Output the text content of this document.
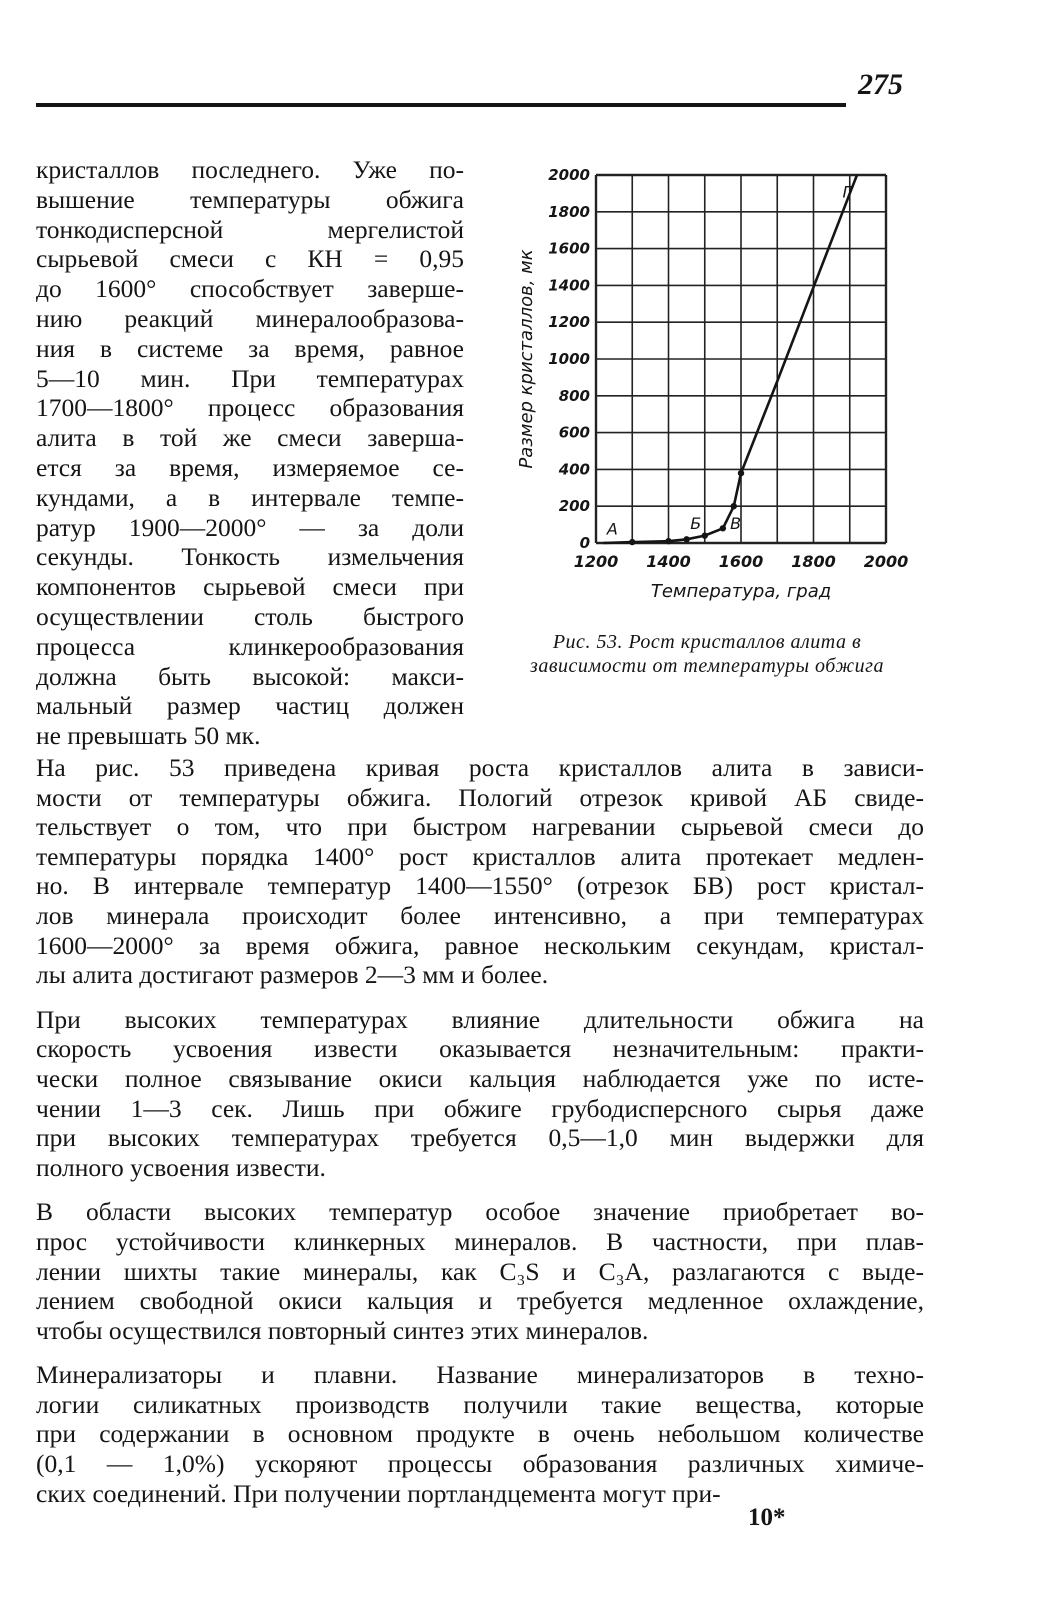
275
кристаллов последнего. Уже по-
вышение температуры обжига
тонкодисперсной мергелистой
сырьевой смеси с КН = 0,95
до 1600° способствует заверше-
нию реакций минералообразова-
ния в системе за время, равное
5—10 мин. При температурах
1700—1800° процесс образования
алита в той же смеси заверша-
ется за время, измеряемое се-
кундами, а в интервале темпе-
ратур 1900—2000° — за доли
секунды. Тонкость измельчения
компонентов сырьевой смеси при
осуществлении столь быстрого
процесса клинкерообразования
должна быть высокой: макси-
мальный размер частиц должен
не превышать 50 мк.
0
200
400
600
800
1000
1200
1400
1600
1800
2000
1200 1400 1600 1800 2000
Температура, град
Размер кристаллов, мк
А	Б В
Г
Рис. 53. Рост кристаллов алита в зависимости от температуры обжига
На рис. 53 приведена кривая роста кристаллов алита в зависи-
мости от температуры обжига. Пологий отрезок кривой АБ свиде-
тельствует о том, что при быстром нагревании сырьевой смеси до
температуры порядка 1400° рост кристаллов алита протекает медлен-
но. В интервале температур 1400—1550° (отрезок БВ) рост кристал-
лов минерала происходит более интенсивно, а при температурах
1600—2000° за время обжига, равное нескольким секундам, кристал-
лы алита достигают размеров 2—3 мм и более.
При высоких температурах влияние длительности обжига на
скорость усвоения извести оказывается незначительным: практи-
чески полное связывание окиси кальция наблюдается уже по исте-
чении 1—3 сек. Лишь при обжиге грубодисперсного сырья даже
при высоких температурах требуется 0,5—1,0 мин выдержки для
полного усвоения извести.
В области высоких температур особое значение приобретает во-
прос устойчивости клинкерных минералов. В частности, при плав-
лении шихты такие минералы, как C₃S и C₃A, разлагаются с выде-
лением свободной окиси кальция и требуется медленное охлаждение,
чтобы осуществился повторный синтез этих минералов.
Минерализаторы и плавни. Название минерализаторов в техно-
логии силикатных производств получили такие вещества, которые
при содержании в основном продукте в очень небольшом количестве
(0,1 — 1,0%) ускоряют процессы образования различных химиче-
ских соединений. При получении портландцемента могут при-
10*
